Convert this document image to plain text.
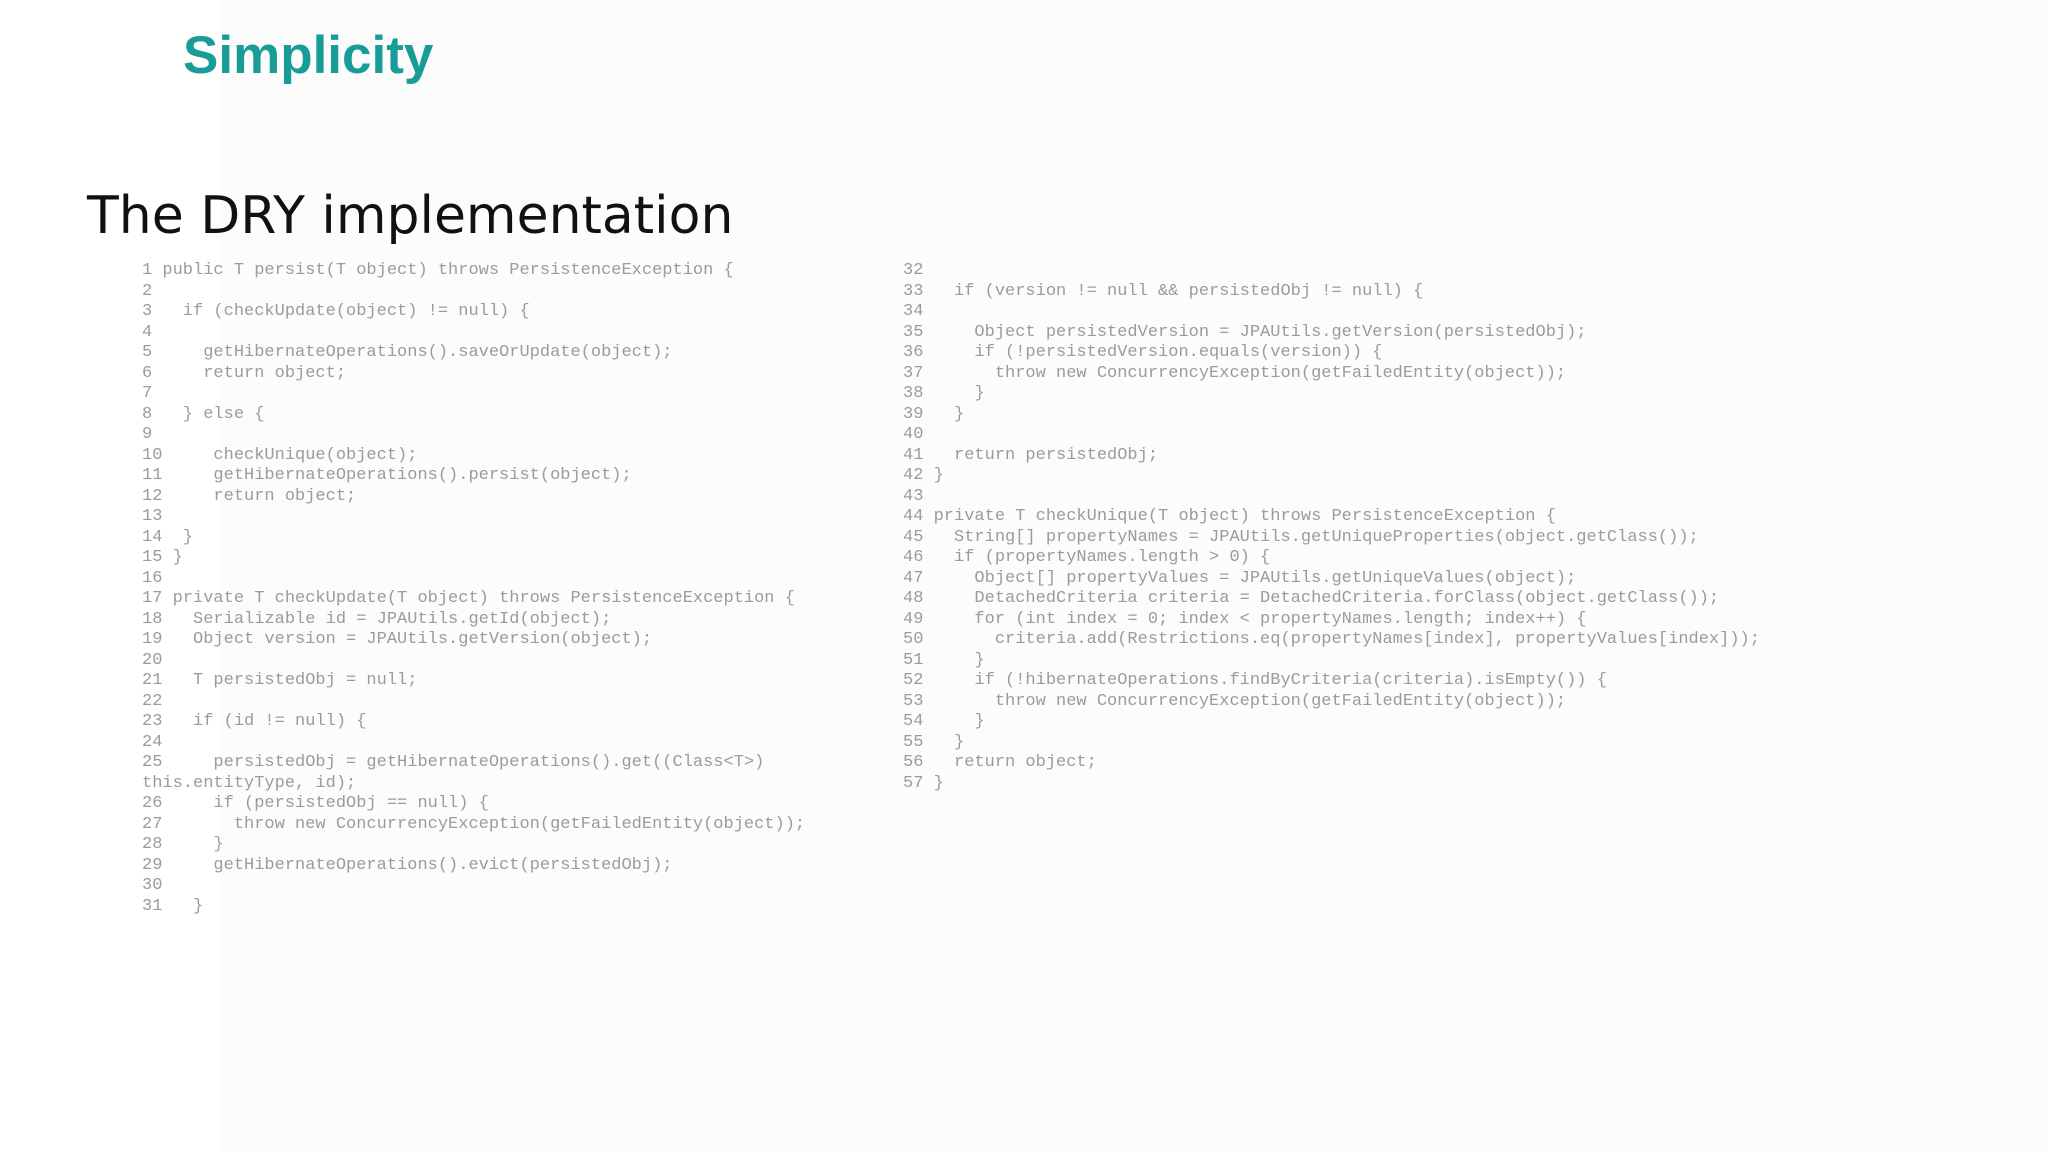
Simplicity
The DRY implementation
1 public T persist(T object) throws PersistenceException {
2
3   if (checkUpdate(object) != null) {
4
5     getHibernateOperations().saveOrUpdate(object);
6     return object;
7
8   } else {
9
10     checkUnique(object);
11     getHibernateOperations().persist(object);
12     return object;
13
14  }
15 }
16
17 private T checkUpdate(T object) throws PersistenceException {
18   Serializable id = JPAUtils.getId(object);
19   Object version = JPAUtils.getVersion(object);
20
21   T persistedObj = null;
22
23   if (id != null) {
24
25     persistedObj = getHibernateOperations().get((Class<T>)
this.entityType, id);
26     if (persistedObj == null) {
27       throw new ConcurrencyException(getFailedEntity(object));
28     }
29     getHibernateOperations().evict(persistedObj);
30
31   }
32
33   if (version != null && persistedObj != null) {
34
35     Object persistedVersion = JPAUtils.getVersion(persistedObj);
36     if (!persistedVersion.equals(version)) {
37       throw new ConcurrencyException(getFailedEntity(object));
38     }
39   }
40
41   return persistedObj;
42 }
43
44 private T checkUnique(T object) throws PersistenceException {
45   String[] propertyNames = JPAUtils.getUniqueProperties(object.getClass());
46   if (propertyNames.length > 0) {
47     Object[] propertyValues = JPAUtils.getUniqueValues(object);
48     DetachedCriteria criteria = DetachedCriteria.forClass(object.getClass());
49     for (int index = 0; index < propertyNames.length; index++) {
50       criteria.add(Restrictions.eq(propertyNames[index], propertyValues[index]));
51     }
52     if (!hibernateOperations.findByCriteria(criteria).isEmpty()) {
53       throw new ConcurrencyException(getFailedEntity(object));
54     }
55   }
56   return object;
57 }
